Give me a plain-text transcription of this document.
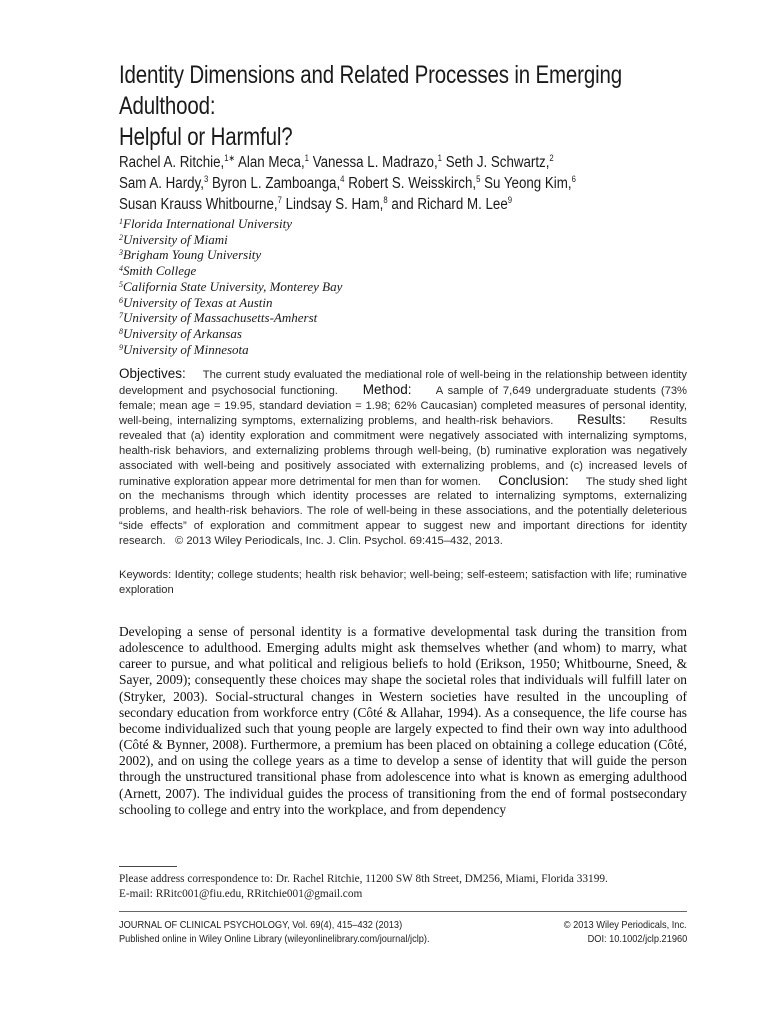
Identity Dimensions and Related Processes in Emerging Adulthood:
Helpful or Harmful?
Rachel A. Ritchie,$^{1∗}$ Alan Meca,$^1$ Vanessa L. Madrazo,$^1$ Seth J. Schwartz,$^2$
Sam A. Hardy,$^3$ Byron L. Zamboanga,$^4$ Robert S. Weisskirch,$^5$ Su Yeong Kim,$^6$
Susan Krauss Whitbourne,$^7$ Lindsay S. Ham,$^8$ and Richard M. Lee$^9$
$^1$Florida International University
$^2$University of Miami
$^3$Brigham Young University
$^4$Smith College
$^5$California State University, Monterey Bay
$^6$University of Texas at Austin
$^7$University of Massachusetts-Amherst
$^8$University of Arkansas
$^9$University of Minnesota
Objectives: The current study evaluated the mediational role of well-being in the relationship between identity development and psychosocial functioning. Method: A sample of 7,649 undergraduate students (73% female; mean age = 19.95, standard deviation = 1.98; 62% Caucasian) completed measures of personal identity, well-being, internalizing symptoms, externalizing problems, and health-risk behaviors. Results: Results revealed that (a) identity exploration and commitment were negatively associated with internalizing symptoms, health-risk behaviors, and externalizing problems through well-being, (b) ruminative exploration was negatively associated with well-being and positively associated with externalizing problems, and (c) increased levels of ruminative exploration appear more detrimental for men than for women. Conclusion: The study shed light on the mechanisms through which identity processes are related to internalizing symptoms, externalizing problems, and health-risk behaviors. The role of well-being in these associations, and the potentially deleterious “side effects” of exploration and commitment appear to suggest new and important directions for identity research. © 2013 Wiley Periodicals, Inc. J. Clin. Psychol. 69:415–432, 2013.
Keywords: Identity; college students; health risk behavior; well-being; self-esteem; satisfaction with life; ruminative exploration
Developing a sense of personal identity is a formative developmental task during the transition from adolescence to adulthood. Emerging adults might ask themselves whether (and whom) to marry, what career to pursue, and what political and religious beliefs to hold (Erikson, 1950; Whitbourne, Sneed, & Sayer, 2009); consequently these choices may shape the societal roles that individuals will fulfill later on (Stryker, 2003). Social-structural changes in Western societies have resulted in the uncoupling of secondary education from workforce entry (Côté & Allahar, 1994). As a consequence, the life course has become individualized such that young people are largely expected to find their own way into adulthood (Côté & Bynner, 2008). Furthermore, a premium has been placed on obtaining a college education (Côté, 2002), and on using the college years as a time to develop a sense of identity that will guide the person through the unstructured transitional phase from adolescence into what is known as emerging adulthood (Arnett, 2007). The individual guides the process of transitioning from the end of formal postsecondary schooling to college and entry into the workplace, and from dependency
Please address correspondence to: Dr. Rachel Ritchie, 11200 SW 8th Street, DM256, Miami, Florida 33199.
E-mail: RRitc001@fiu.edu, RRitchie001@gmail.com
JOURNAL OF CLINICAL PSYCHOLOGY, Vol. 69(4), 415–432 (2013)	© 2013 Wiley Periodicals, Inc.
Published online in Wiley Online Library (wileyonlinelibrary.com/journal/jclp).	DOI: 10.1002/jclp.21960
